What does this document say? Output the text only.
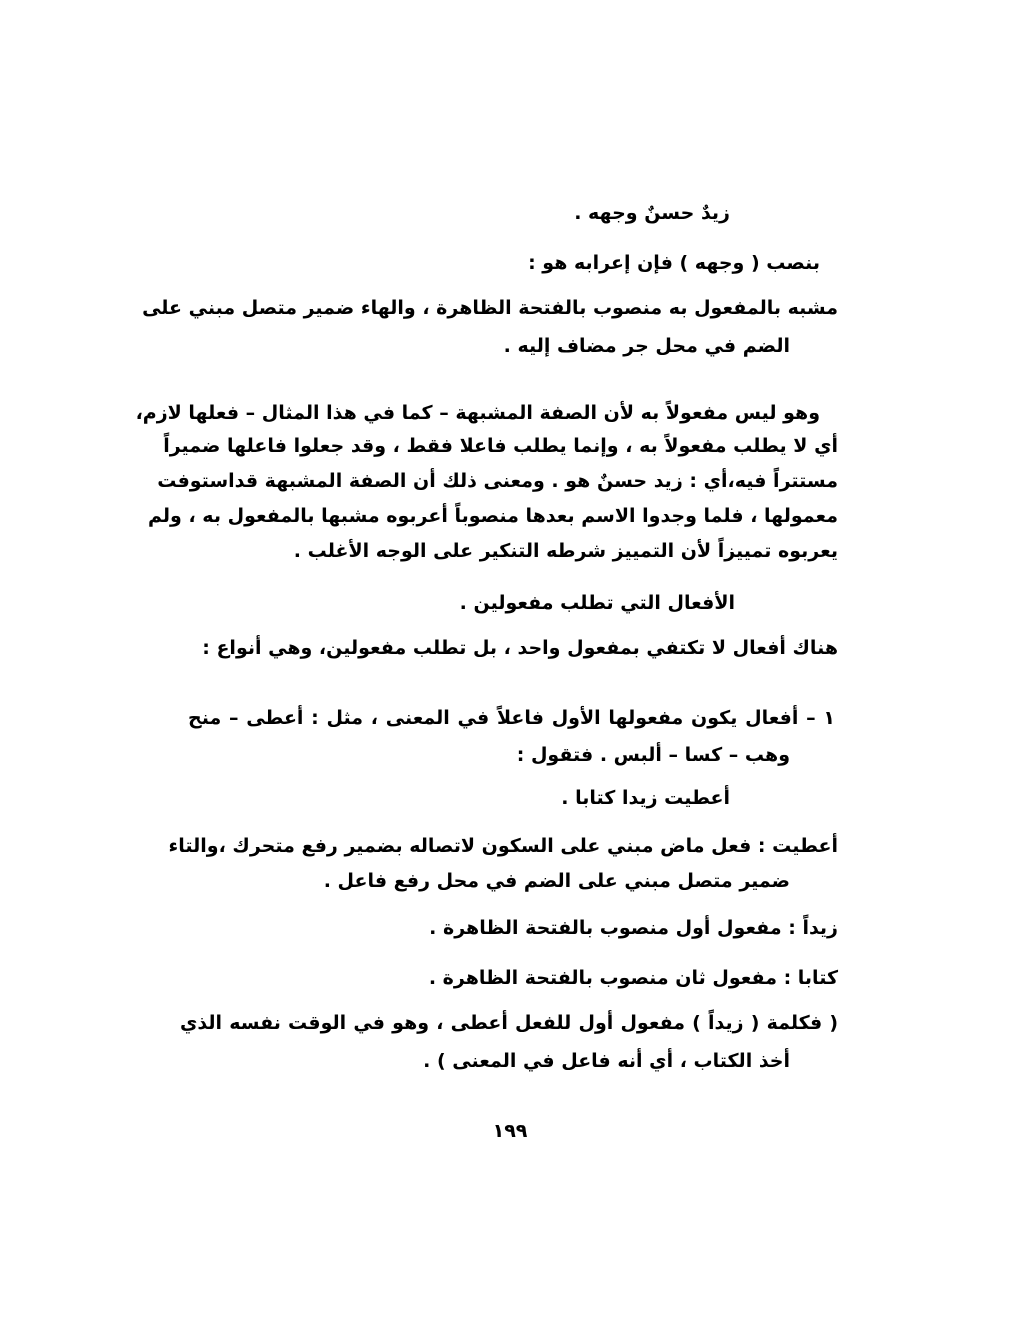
زيدٌ حسنٌ وجهه .
بنصب ( وجهه ) فإن إعرابه هو :
مشبه بالمفعول به منصوب بالفتحة الظاهرة ، والهاء ضمير متصل مبني على
الضم في محل جر مضاف إليه .
وهو ليس مفعولاً به لأن الصفة المشبهة – كما في هذا المثال – فعلها لازم،
أي لا يطلب مفعولاً به ، وإنما يطلب فاعلا فقط ، وقد جعلوا فاعلها ضميراً
مستتراً فيه،أي : زيد حسنٌ هو . ومعنى ذلك أن الصفة المشبهة قداستوفت
معمولها ، فلما وجدوا الاسم بعدها منصوباً أعربوه مشبها بالمفعول به ، ولم
يعربوه تمييزاً لأن التمييز شرطه التنكير على الوجه الأغلب .
الأفعال التي تطلب مفعولين .
هناك أفعال لا تكتفي بمفعول واحد ، بل تطلب مفعولين، وهي أنواع :
١ – أفعال يكون مفعولها الأول فاعلاً في المعنى ، مثل : أعطى – منح
وهب – كسا – ألبس . فتقول :
أعطيت زيدا كتابا .
أعطيت : فعل ماض مبني على السكون لاتصاله بضمير رفع متحرك ،والتاء
ضمير متصل مبني على الضم في محل رفع فاعل .
زيداً : مفعول أول منصوب بالفتحة الظاهرة .
كتابا : مفعول ثان منصوب بالفتحة الظاهرة .
( فكلمة ( زيداً ) مفعول أول للفعل أعطى ، وهو في الوقت نفسه الذي
أخذ الكتاب ، أي أنه فاعل في المعنى ) .
١٩٩
